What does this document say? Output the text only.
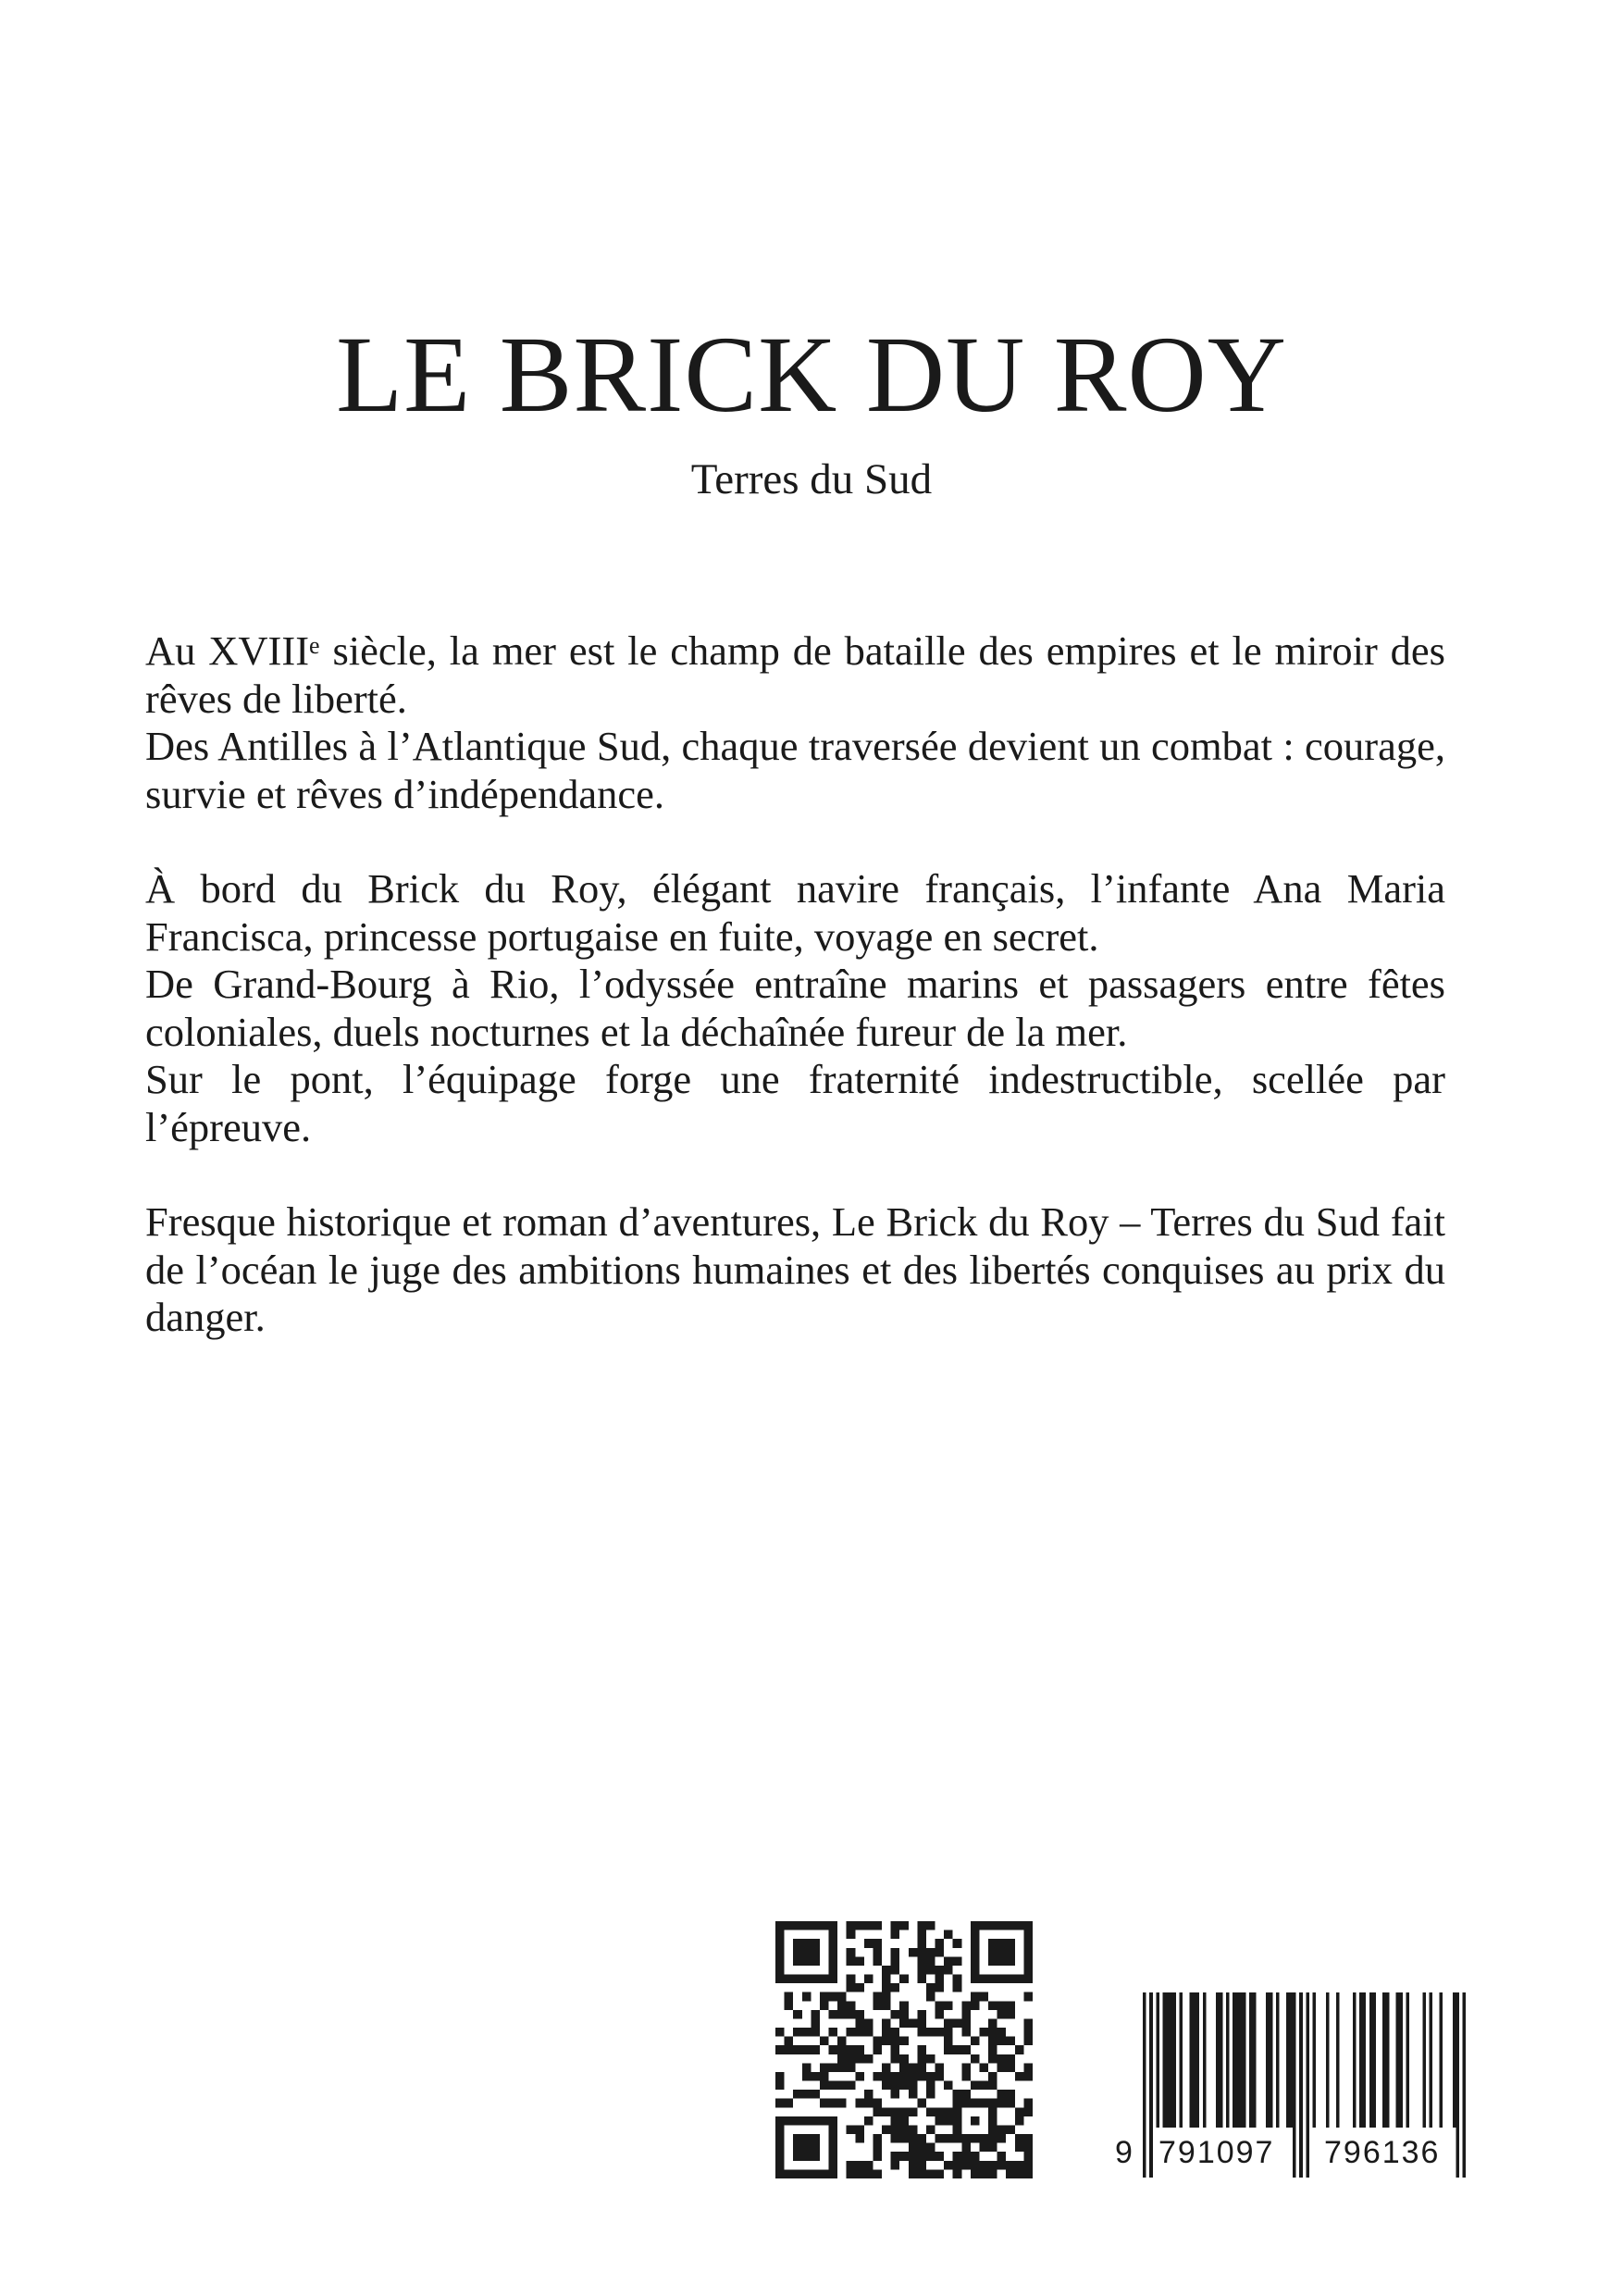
LE BRICK DU ROY
Terres du Sud

Au XVIIIe siècle, la mer est le champ de bataille des empires et le miroir des rêves de liberté.

Des Antilles à l’Atlantique Sud, chaque traversée devient un combat : courage, survie et rêves d’indépendance.

À bord du Brick du Roy, élégant navire français, l’infante Ana Maria Francisca, princesse portugaise en fuite, voyage en secret.

De Grand-Bourg à Rio, l’odyssée entraîne marins et passagers entre fêtes coloniales, duels nocturnes et la déchaînée fureur de la mer.

Sur le pont, l’équipage forge une fraternité indestructible, scellée par l’épreuve.

Fresque historique et roman d’aventures, Le Brick du Roy – Terres du Sud fait de l’océan le juge des ambitions humaines et des libertés conquises au prix du danger.

9 791097 796136
